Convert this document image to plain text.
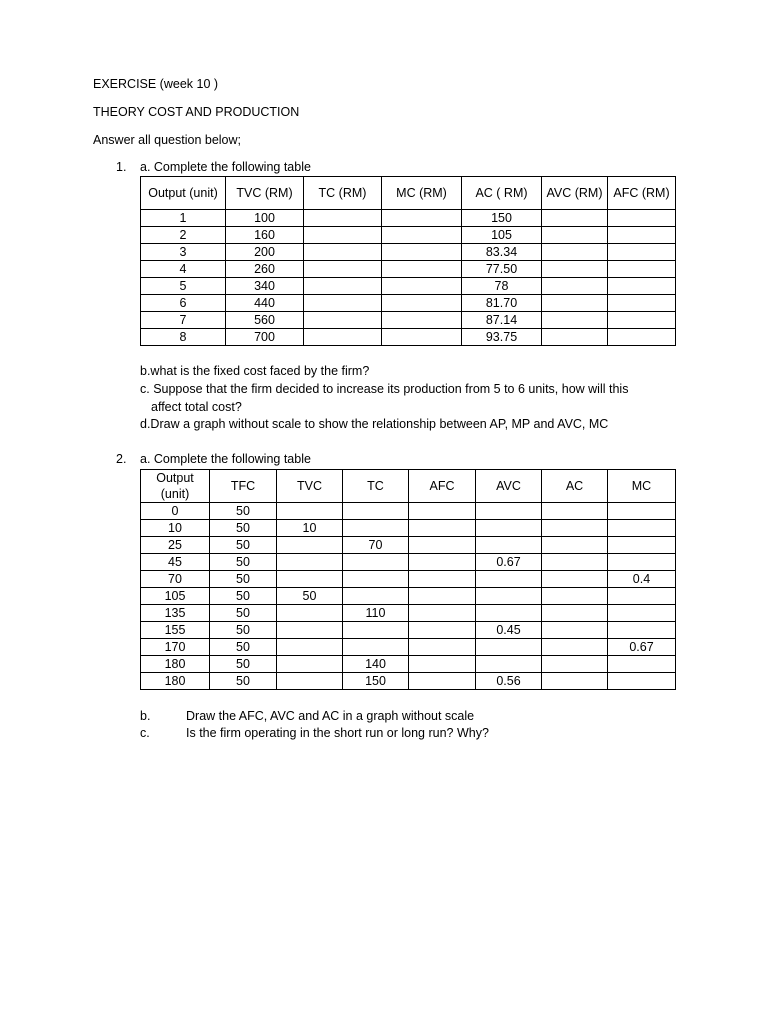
EXERCISE (week 10 )
THEORY COST AND PRODUCTION
Answer all question below;
1. a. Complete the following table
Output (unit)	TVC (RM)	TC (RM)	MC (RM)	AC ( RM)	AVC (RM)	AFC (RM)
1	100			150		
2	160			105		
3	200			83.34		
4	260			77.50		
5	340			78		
6	440			81.70		
7	560			87.14		
8	700			93.75		
b.what is the fixed cost faced by the firm?
c. Suppose that the firm decided to increase its production from 5 to 6 units, how will this
affect total cost?
d.Draw a graph without scale to show the relationship between AP, MP and AVC, MC
2. a. Complete the following table
Output (unit)	TFC	TVC	TC	AFC	AVC	AC	MC
0	50						
10	50	10					
25	50		70				
45	50				0.67		
70	50						0.4
105	50	50					
135	50		110				
155	50				0.45		
170	50						0.67
180	50		140				
180	50		150		0.56		
b.	Draw the AFC, AVC and AC in a graph without scale
c.	Is the firm operating in the short run or long run? Why?
